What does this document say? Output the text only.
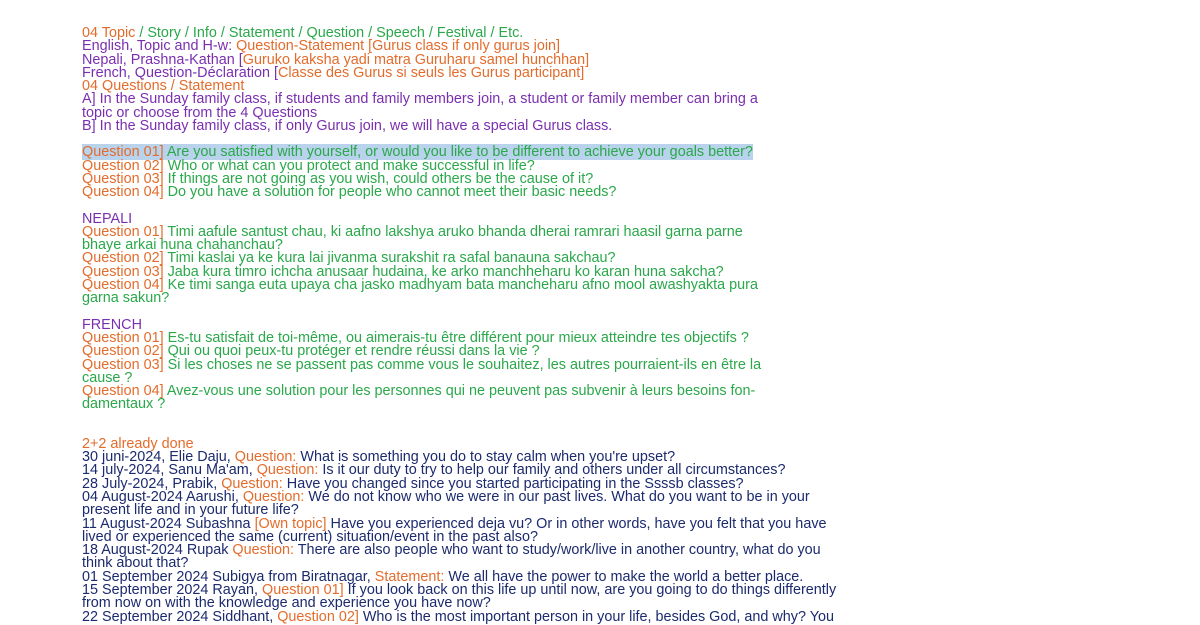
04 Topic / Story / Info / Statement / Question / Speech / Festival / Etc.
English, Topic and H-w: Question-Statement [Gurus class if only gurus join]
Nepali, Prashna-Kathan [Guruko kaksha yadi matra Guruharu samel hunchhan]
French, Question-Déclaration [Classe des Gurus si seuls les Gurus participant]
04 Questions / Statement
A] In the Sunday family class, if students and family members join, a student or family member can bring a
topic or choose from the 4 Questions
B] In the Sunday family class, if only Gurus join, we will have a special Gurus class.
Question 01] Are you satisfied with yourself, or would you like to be different to achieve your goals better?
Question 02] Who or what can you protect and make successful in life?
Question 03] If things are not going as you wish, could others be the cause of it?
Question 04] Do you have a solution for people who cannot meet their basic needs?
NEPALI
Question 01] Timi aafule santust chau, ki aafno lakshya aruko bhanda dherai ramrari haasil garna parne
bhaye arkai huna chahanchau?
Question 02] Timi kaslai ya ke kura lai jivanma surakshit ra safal banauna sakchau?
Question 03] Jaba kura timro ichcha anusaar hudaina, ke arko manchheharu ko karan huna sakcha?
Question 04] Ke timi sanga euta upaya cha jasko madhyam bata mancheharu afno mool awashyakta pura
garna sakun?
FRENCH
Question 01] Es-tu satisfait de toi-même, ou aimerais-tu être différent pour mieux atteindre tes objectifs ?
Question 02] Qui ou quoi peux-tu protéger et rendre réussi dans la vie ?
Question 03] Si les choses ne se passent pas comme vous le souhaitez, les autres pourraient-ils en être la
cause ?
Question 04] Avez-vous une solution pour les personnes qui ne peuvent pas subvenir à leurs besoins fon-
damentaux ?
2+2 already done
30 juni-2024, Elie Daju, Question: What is something you do to stay calm when you're upset?
14 july-2024, Sanu Ma'am, Question: Is it our duty to try to help our family and others under all circumstances?
28 July-2024, Prabik, Question: Have you changed since you started participating in the Ssssb classes?
04 August-2024 Aarushi, Question: We do not know who we were in our past lives. What do you want to be in your
present life and in your future life?
11 August-2024 Subashna [Own topic] Have you experienced deja vu? Or in other words, have you felt that you have
lived or experienced the same (current) situation/event in the past also?
18 August-2024 Rupak Question: There are also people who want to study/work/live in another country, what do you
think about that?
01 September 2024 Subigya from Biratnagar, Statement: We all have the power to make the world a better place.
15 September 2024 Rayan, Question 01] If you look back on this life up until now, are you going to do things differently
from now on with the knowledge and experience you have now?
22 September 2024 Siddhant, Question 02] Who is the most important person in your life, besides God, and why? You
